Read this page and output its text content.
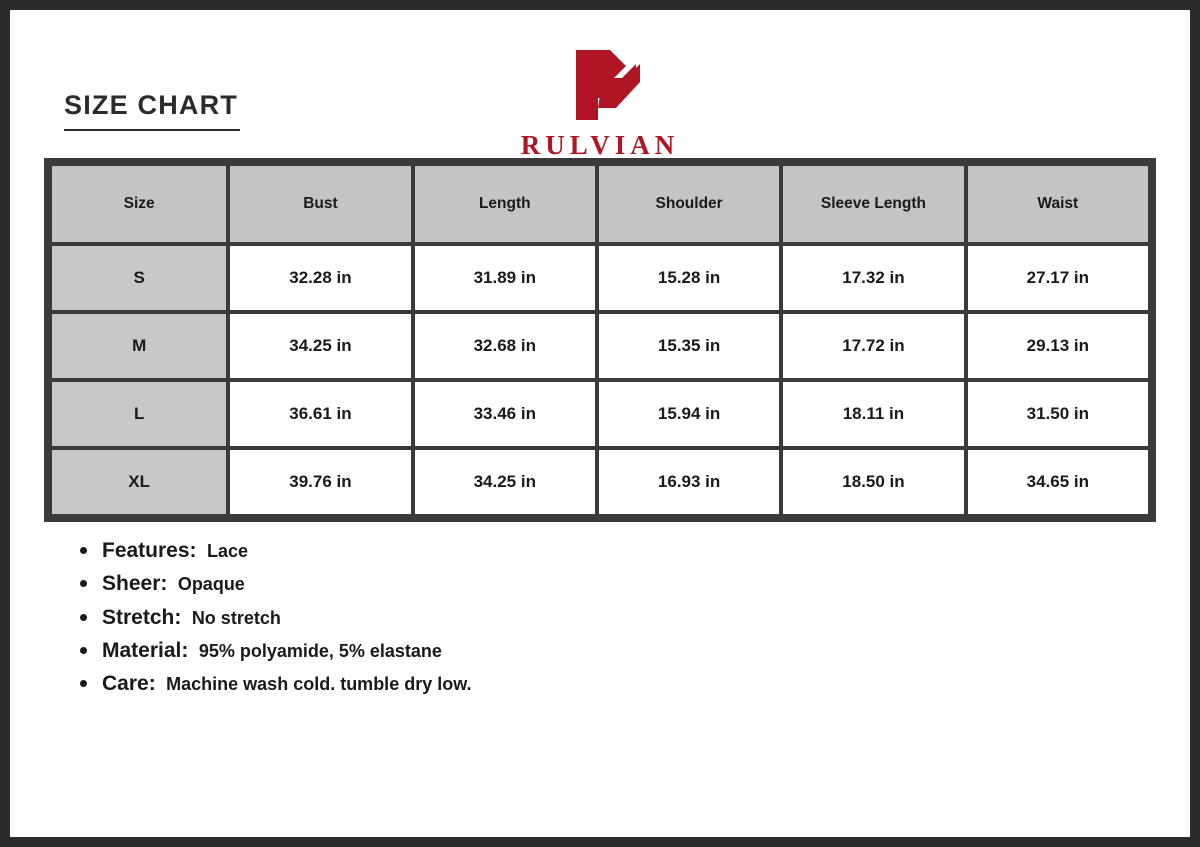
SIZE CHART
RULVIAN
Size	Bust	Length	Shoulder	Sleeve Length	Waist
S	32.28 in	31.89 in	15.28 in	17.32 in	27.17 in
M	34.25 in	32.68 in	15.35 in	17.72 in	29.13 in
L	36.61 in	33.46 in	15.94 in	18.11 in	31.50 in
XL	39.76 in	34.25 in	16.93 in	18.50 in	34.65 in
Features: Lace
Sheer: Opaque
Stretch: No stretch
Material: 95% polyamide, 5% elastane
Care: Machine wash cold. tumble dry low.
